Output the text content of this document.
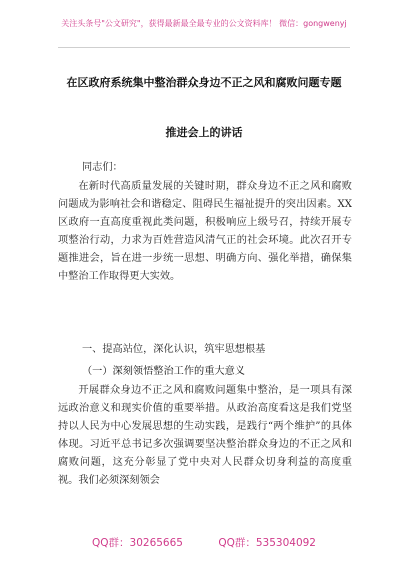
关注头条号"公文研究"，获得最新最全最专业的公文资料库！ 微信：gongwenyj
在区政府系统集中整治群众身边不正之风和腐败问题专题
推进会上的讲话
同志们：
在新时代高质量发展的关键时期，群众身边不正之风和腐败问题成为影响社会和谐稳定、阻碍民生福祉提升的突出因素。XX区政府一直高度重视此类问题，积极响应上级号召，持续开展专项整治行动，力求为百姓营造风清气正的社会环境。此次召开专题推进会，旨在进一步统一思想、明确方向、强化举措，确保集中整治工作取得更大实效。
一、提高站位，深化认识，筑牢思想根基
（一）深刻领悟整治工作的重大意义
开展群众身边不正之风和腐败问题集中整治，是一项具有深远政治意义和现实价值的重要举措。从政治高度看这是我们党坚持以人民为中心发展思想的生动实践，是践行“两个维护”的具体体现。习近平总书记多次强调要坚决整治群众身边的不正之风和腐败问题，这充分彰显了党中央对人民群众切身利益的高度重视。我们必须深刻领会
QQ群：30265665	QQ群：535304092
